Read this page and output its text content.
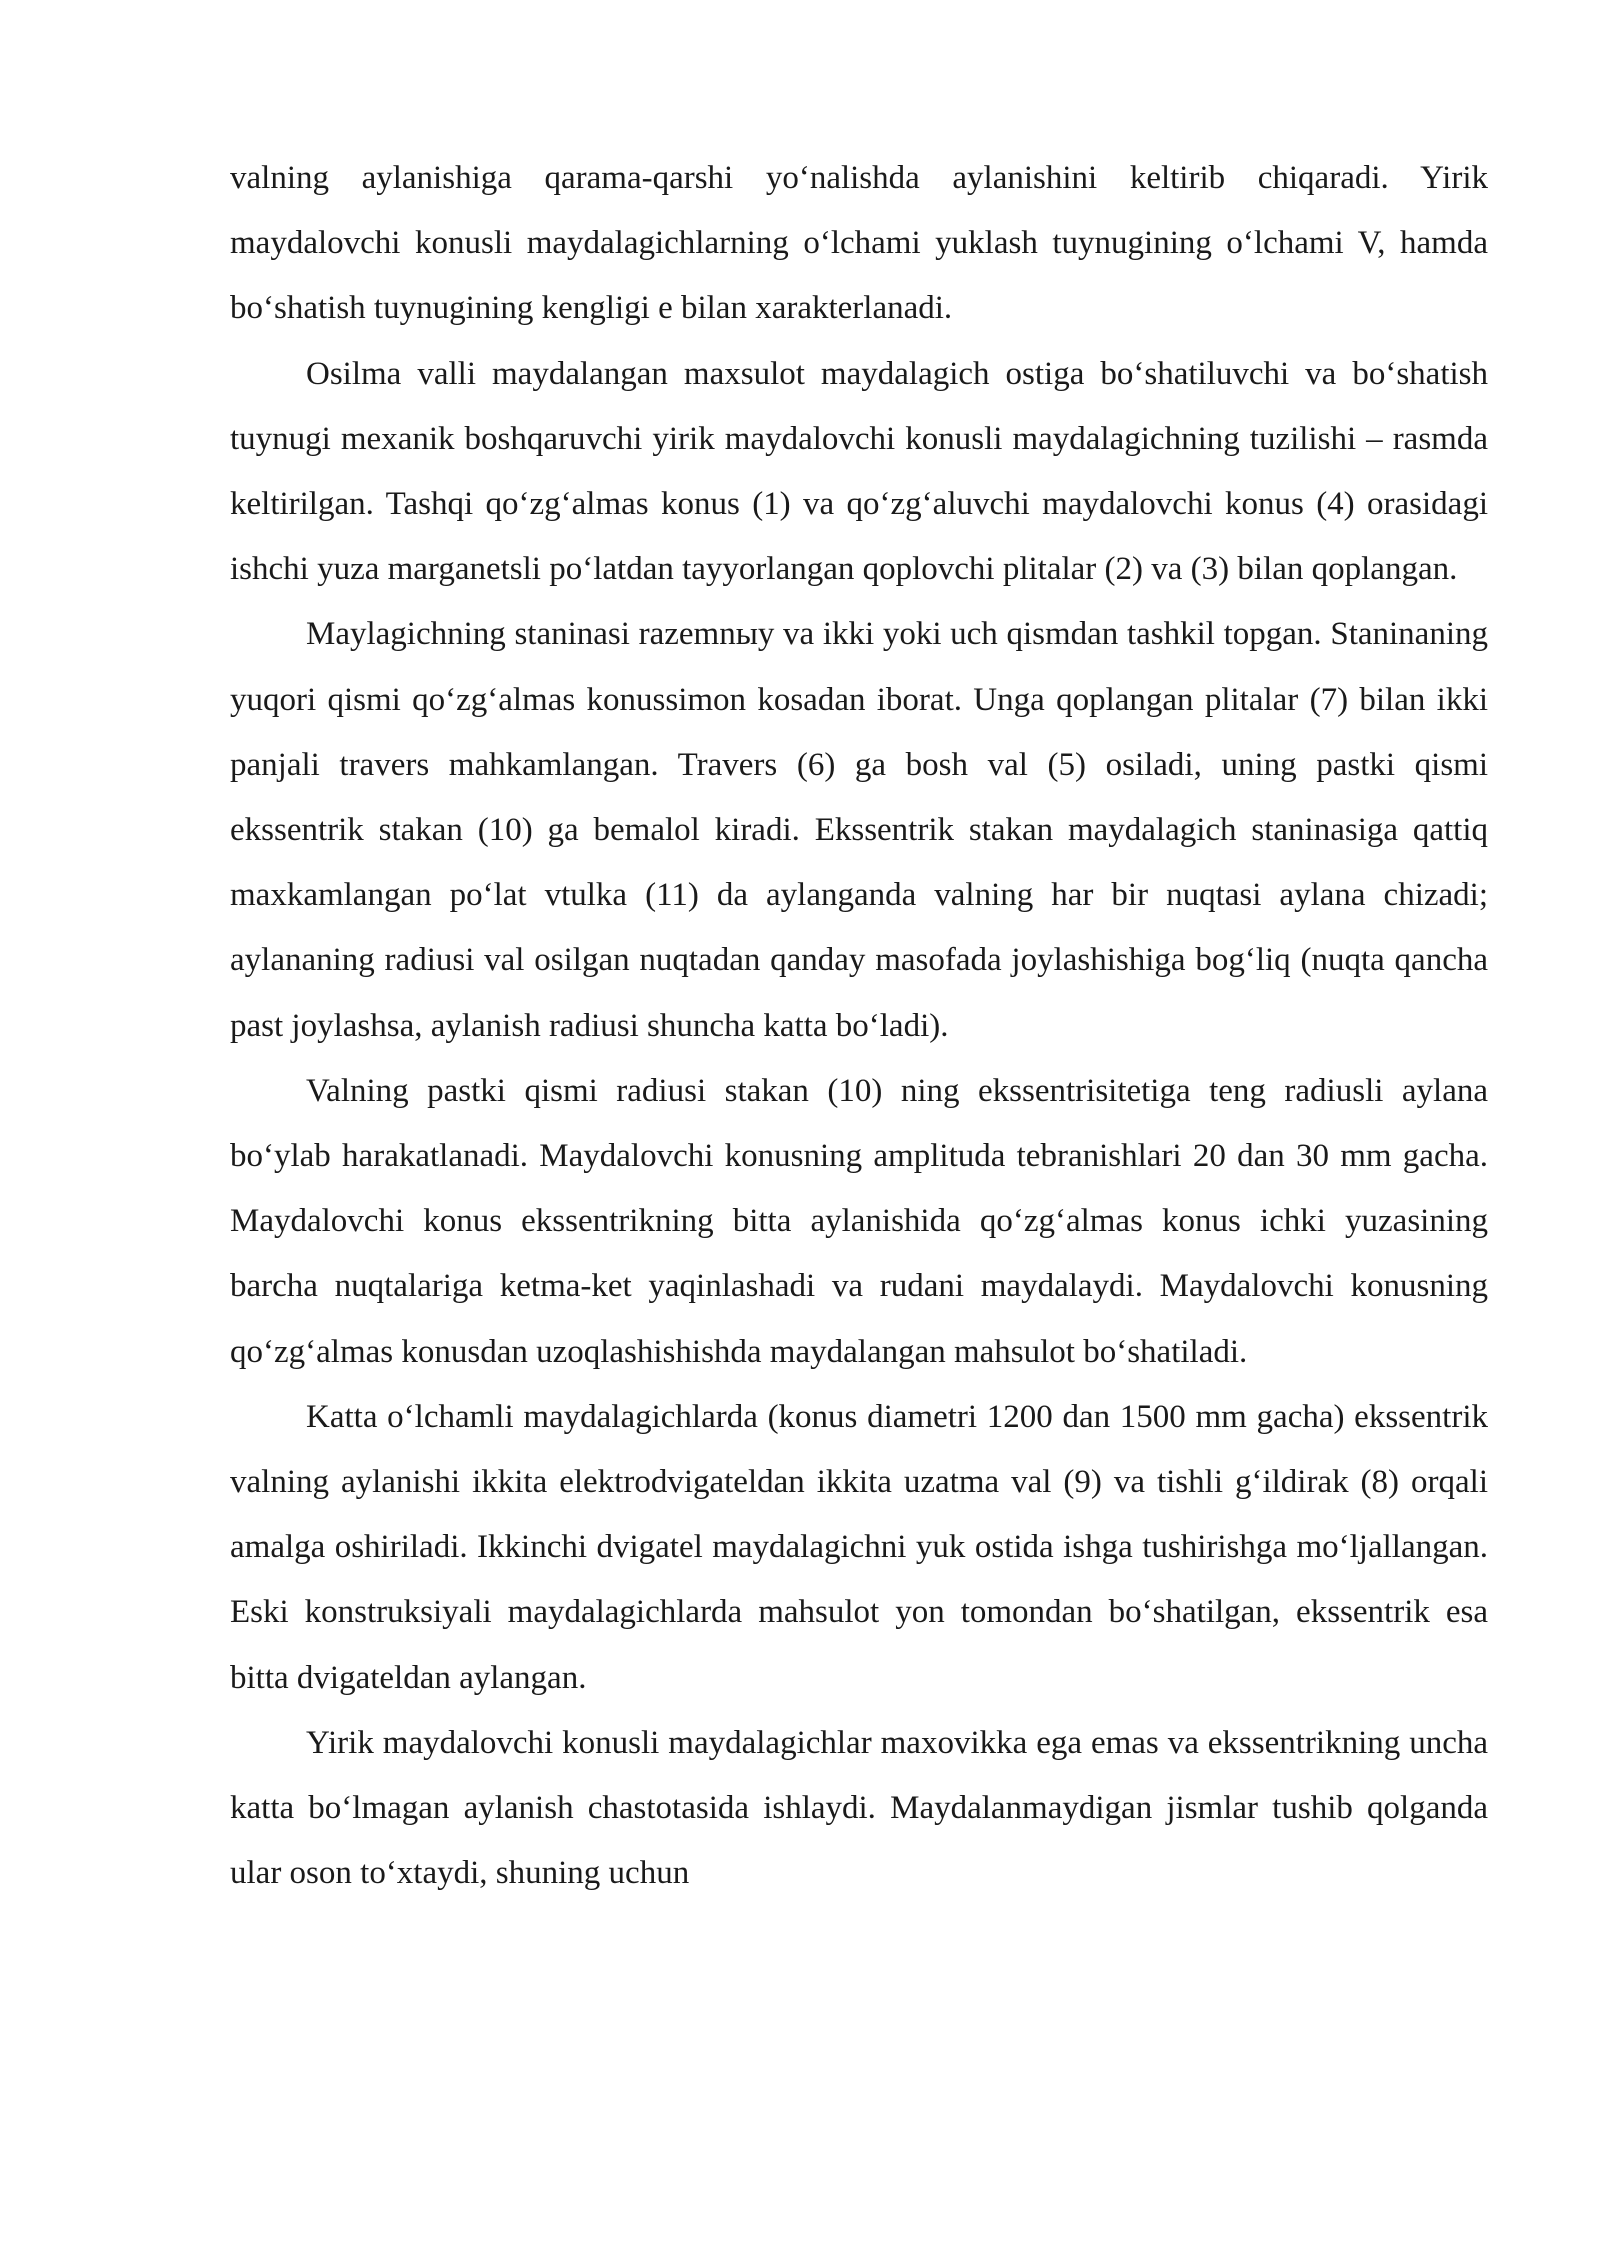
valning aylanishiga qarama-qarshi yo‘nalishda aylanishini keltirib chiqaradi. Yirik maydalovchi konusli maydalagichlarning o‘lchami yuklash tuynugining o‘lchami V, hamda bo‘shatish tuynugining kengligi e bilan xarakterlanadi.

Osilma valli maydalangan maxsulot maydalagich ostiga bo‘shatiluvchi va bo‘shatish tuynugi mexanik boshqaruvchi yirik maydalovchi konusli maydalagichning tuzilishi – rasmda keltirilgan. Tashqi qo‘zg‘almas konus (1) va qo‘zg‘aluvchi maydalovchi konus (4) orasidagi ishchi yuza marganetsli po‘latdan tayyorlangan qoplovchi plitalar (2) va (3) bilan qoplangan.

Maylagichning staninasi razemnыy va ikki yoki uch qismdan tashkil topgan. Staninaning yuqori qismi qo‘zg‘almas konussimon kosadan iborat. Unga qoplangan plitalar (7) bilan ikki panjali travers mahkamlangan. Travers (6) ga bosh val (5) osiladi, uning pastki qismi ekssentrik stakan (10) ga bemalol kiradi. Ekssentrik stakan maydalagich staninasiga qattiq maxkamlangan po‘lat vtulka (11) da aylanganda valning har bir nuqtasi aylana chizadi; aylananing radiusi val osilgan nuqtadan qanday masofada joylashishiga bog‘liq (nuqta qancha past joylashsa, aylanish radiusi shuncha katta bo‘ladi).

Valning pastki qismi radiusi stakan (10) ning ekssentrisitetiga teng radiusli aylana bo‘ylab harakatlanadi. Maydalovchi konusning amplituda tebranishlari 20 dan 30 mm gacha. Maydalovchi konus ekssentrikning bitta aylanishida qo‘zg‘almas konus ichki yuzasining barcha nuqtalariga ketma-ket yaqinlashadi va rudani maydalaydi. Maydalovchi konusning qo‘zg‘almas konusdan uzoqlashishishda maydalangan mahsulot bo‘shatiladi.

Katta o‘lchamli maydalagichlarda (konus diametri 1200 dan 1500 mm gacha) ekssentrik valning aylanishi ikkita elektrodvigateldan ikkita uzatma val (9) va tishli g‘ildirak (8) orqali amalga oshiriladi. Ikkinchi dvigatel maydalagichni yuk ostida ishga tushirishga mo‘ljallangan. Eski konstruksiyali maydalagichlarda mahsulot yon tomondan bo‘shatilgan, ekssentrik esa bitta dvigateldan aylangan.

Yirik maydalovchi konusli maydalagichlar maxovikka ega emas va ekssentrikning uncha katta bo‘lmagan aylanish chastotasida ishlaydi. Maydalanmaydigan jismlar tushib qolganda ular oson to‘xtaydi, shuning uchun
